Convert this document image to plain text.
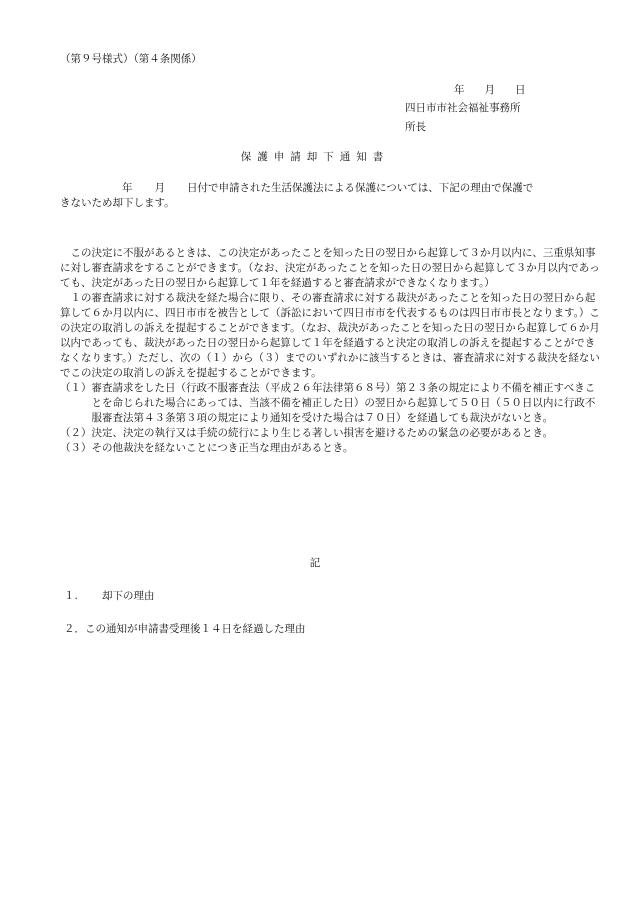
（第９号様式）（第４条関係）
年 月 日
四日市市社会福祉事務所
所長
保護申請却下通知書
年 月 日付で申請された生活保護法による保護については、下記の理由で保護で
きないため却下します。

この決定に不服があるときは、この決定があったことを知った日の翌日から起算して３か月以内に、三重県知事に対し審査請求をすることができます。（なお、決定があったことを知った日の翌日から起算して３か月以内であっても、決定があった日の翌日から起算して１年を経過すると審査請求ができなくなります。）

１の審査請求に対する裁決を経た場合に限り、その審査請求に対する裁決があったことを知った日の翌日から起算して６か月以内に、四日市市を被告として（訴訟において四日市市を代表するものは四日市市長となります。）この決定の取消しの訴えを提起することができます。（なお、裁決があったことを知った日の翌日から起算して６か月以内であっても、裁決があった日の翌日から起算して１年を経過すると決定の取消しの訴えを提起することができなくなります。）ただし、次の（１）から（３）までのいずれかに該当するときは、審査請求に対する裁決を経ないでこの決定の取消しの訴えを提起することができます。

（１） 審査請求をした日（行政不服審査法（平成２６年法律第６８号）第２３条の規定により不備を補正すべきことを命じられた場合にあっては、当該不備を補正した日）の翌日から起算して５０日（５０日以内に行政不服審査法第４３条第３項の規定により通知を受けた場合は７０日）を経過しても裁決がないとき。
（２） 決定、決定の執行又は手続の続行により生じる著しい損害を避けるための緊急の必要があるとき。
（３） その他裁決を経ないことにつき正当な理由があるとき。
記
１. 却下の理由
２．この通知が申請書受理後１４日を経過した理由
